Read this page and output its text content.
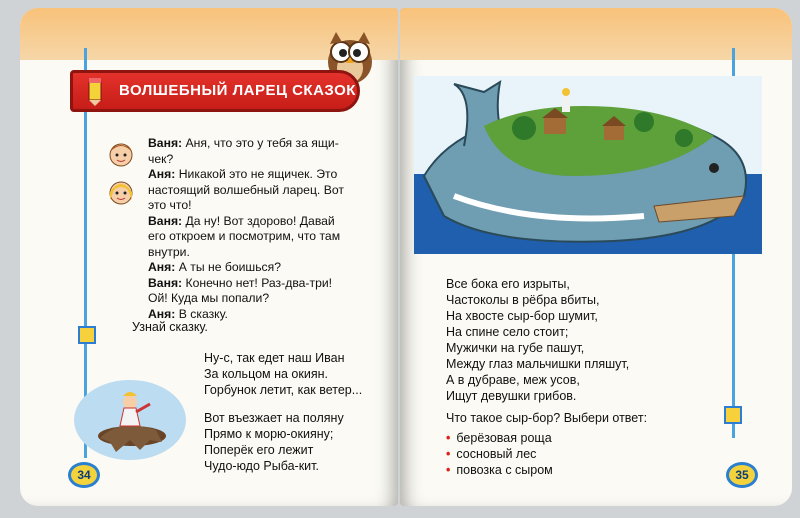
ВОЛШЕБНЫЙ ЛАРЕЦ СКАЗОК

Ваня: Аня, что это у тебя за ящи-

чек?

Аня: Никакой это не ящичек. Это

настоящий волшебный ларец. Вот

это что!

Ваня: Да ну! Вот здорово! Давай

его откроем и посмотрим, что там

внутри.

Аня: А ты не боишься?

Ваня: Конечно нет! Раз-два-три!

Ой! Куда мы попали?

Аня: В сказку.

Узнай сказку.
Ну-с, так едет наш Иван
За кольцом на окиян.
Горбунок летит, как ветер...
Вот въезжает на поляну
Прямо к морю-окияну;
Поперёк его лежит
Чудо-юдо Рыба-кит.
34
Все бока его изрыты,
Частоколы в рёбра вбиты,
На хвосте сыр-бор шумит,
На спине село стоит;
Мужички на губе пашут,
Между глаз мальчишки пляшут,
А в дубраве, меж усов,
Ищут девушки грибов.
Что такое сыр-бор? Выбери ответ:
• берёзовая роща
• сосновый лес
• повозка с сыром	35
